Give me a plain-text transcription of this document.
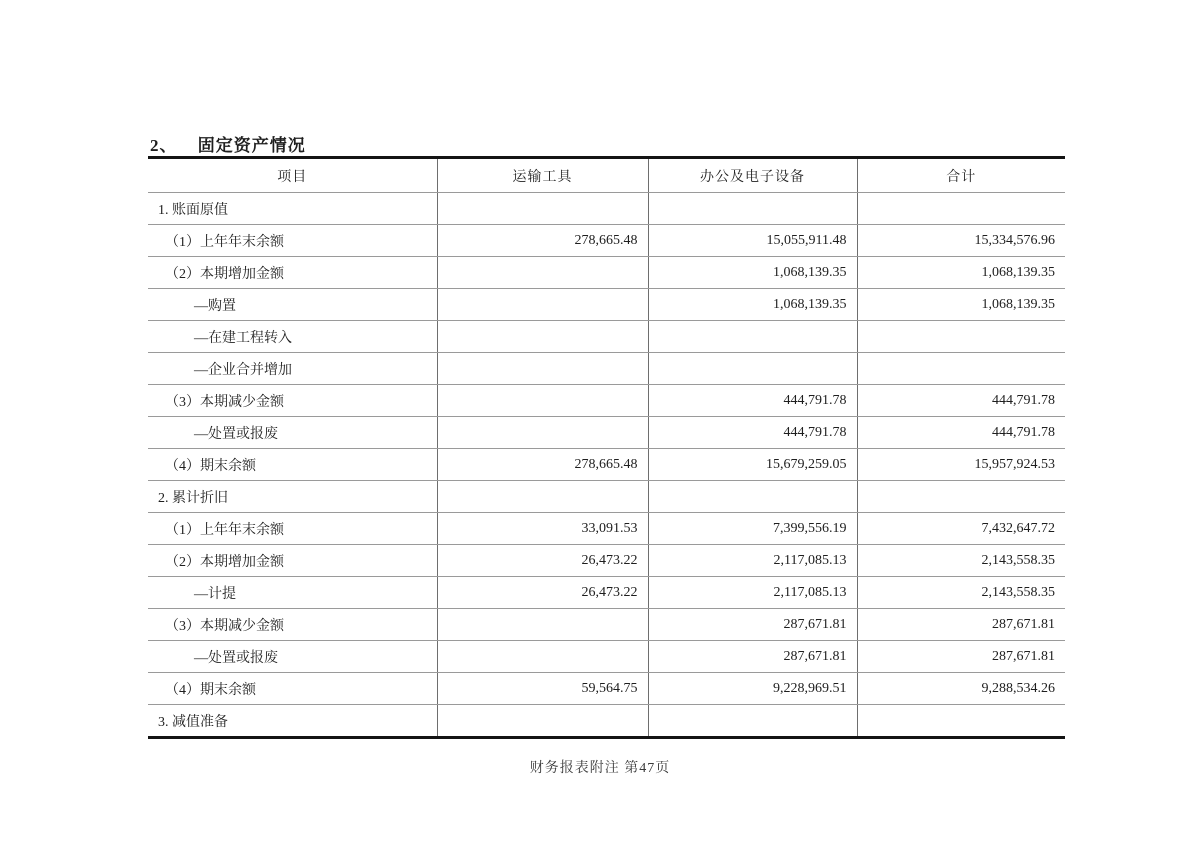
2、 固定资产情况
项目	运输工具	办公及电子设备	合计
1. 账面原值			
（1）上年年末余额	278,665.48	15,055,911.48	15,334,576.96
（2）本期增加金额		1,068,139.35	1,068,139.35
—购置		1,068,139.35	1,068,139.35
—在建工程转入			
—企业合并增加			
（3）本期减少金额		444,791.78	444,791.78
—处置或报废		444,791.78	444,791.78
（4）期末余额	278,665.48	15,679,259.05	15,957,924.53
2. 累计折旧			
（1）上年年末余额	33,091.53	7,399,556.19	7,432,647.72
（2）本期增加金额	26,473.22	2,117,085.13	2,143,558.35
—计提	26,473.22	2,117,085.13	2,143,558.35
（3）本期减少金额		287,671.81	287,671.81
—处置或报废		287,671.81	287,671.81
（4）期末余额	59,564.75	9,228,969.51	9,288,534.26
3. 减值准备			
财务报表附注 第47页
